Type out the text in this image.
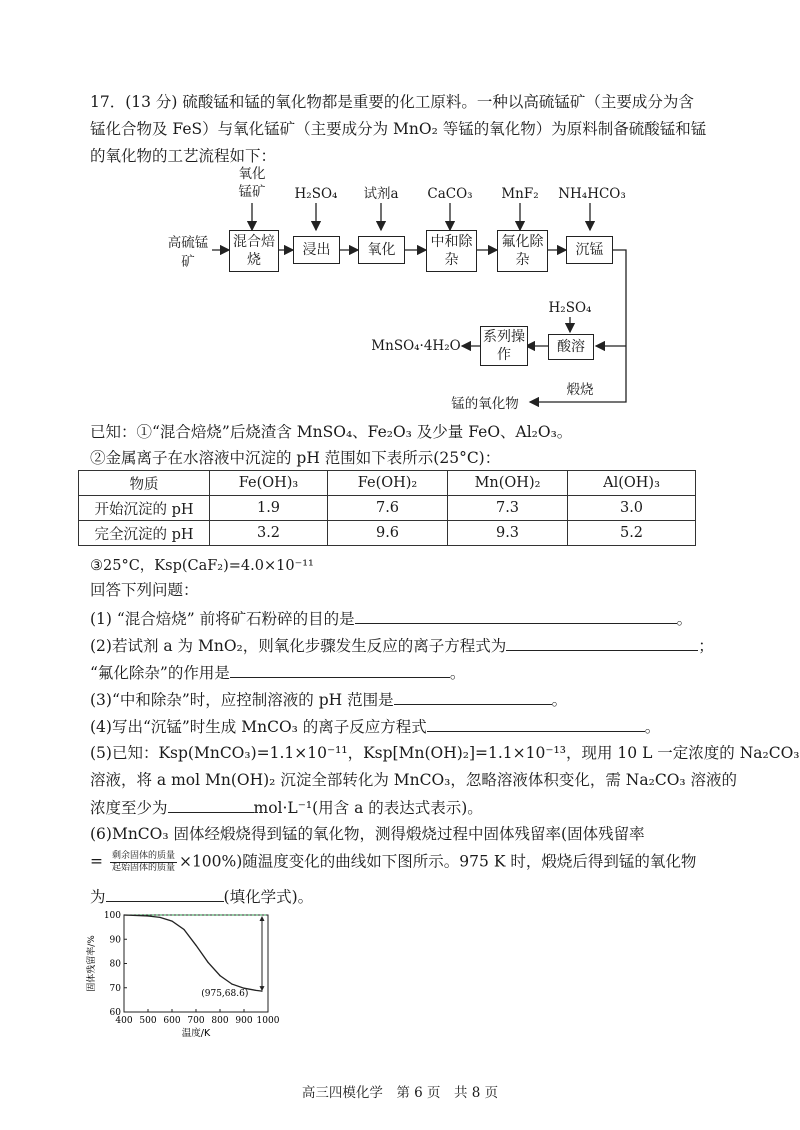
17．(13 分) 硫酸锰和锰的氧化物都是重要的化工原料。一种以高硫锰矿（主要成分为含
锰化合物及 FeS）与氧化锰矿（主要成分为 MnO₂ 等锰的氧化物）为原料制备硫酸锰和锰
的氧化物的工艺流程如下：
高硫锰矿
氧化锰矿	H₂SO₄	试剂a	CaCO₃	MnF₂	NH₄HCO₃
混合焙烧
浸出	氧化	中和除杂
氟化除杂
沉锰
H₂SO₄
酸溶
系列操作
MnSO₄·4H₂O
煅烧
锰的氧化物
已知：①“混合焙烧”后烧渣含 MnSO₄、Fe₂O₃ 及少量 FeO、Al₂O₃。
②金属离子在水溶液中沉淀的 pH 范围如下表所示(25°C)：
物质	Fe(OH)₃	Fe(OH)₂	Mn(OH)₂	Al(OH)₃
开始沉淀的 pH	1.9	7.6	7.3	3.0
完全沉淀的 pH	3.2	9.6	9.3	5.2
③25°C，Ksp(CaF₂)=4.0×10⁻¹¹
回答下列问题：
(1) “混合焙烧” 前将矿石粉碎的目的是	。
(2)若试剂 a 为 MnO₂，则氧化步骤发生反应的离子方程式为	；
“氟化除杂”的作用是	。
(3)“中和除杂”时，应控制溶液的 pH 范围是	。
(4)写出“沉锰”时生成 MnCO₃ 的离子反应方程式	。
(5)已知：Ksp(MnCO₃)=1.1×10⁻¹¹，Ksp[Mn(OH)₂]=1.1×10⁻¹³，现用 10 L 一定浓度的 Na₂CO₃
溶液，将 a mol Mn(OH)₂ 沉淀全部转化为 MnCO₃，忽略溶液体积变化，需 Na₂CO₃ 溶液的
浓度至少为	mol·L⁻¹(用含 a 的表达式表示)。
(6)MnCO₃ 固体经煅烧得到锰的氧化物，测得煅烧过程中固体残留率(固体残留率
= $\frac{\text{剩余固体的质量}}{\text{起始固体的质量}} \times 100\%$)随温度变化的曲线如下图所示。975 K 时，煅烧后得到锰的氧化物
为	(填化学式)。
60
70
80
90
100
400 500 600 700 800 900 1000
(975,68.6)
固体残留率/%
温度/K
高三四模化学　第 6 页　共 8 页
